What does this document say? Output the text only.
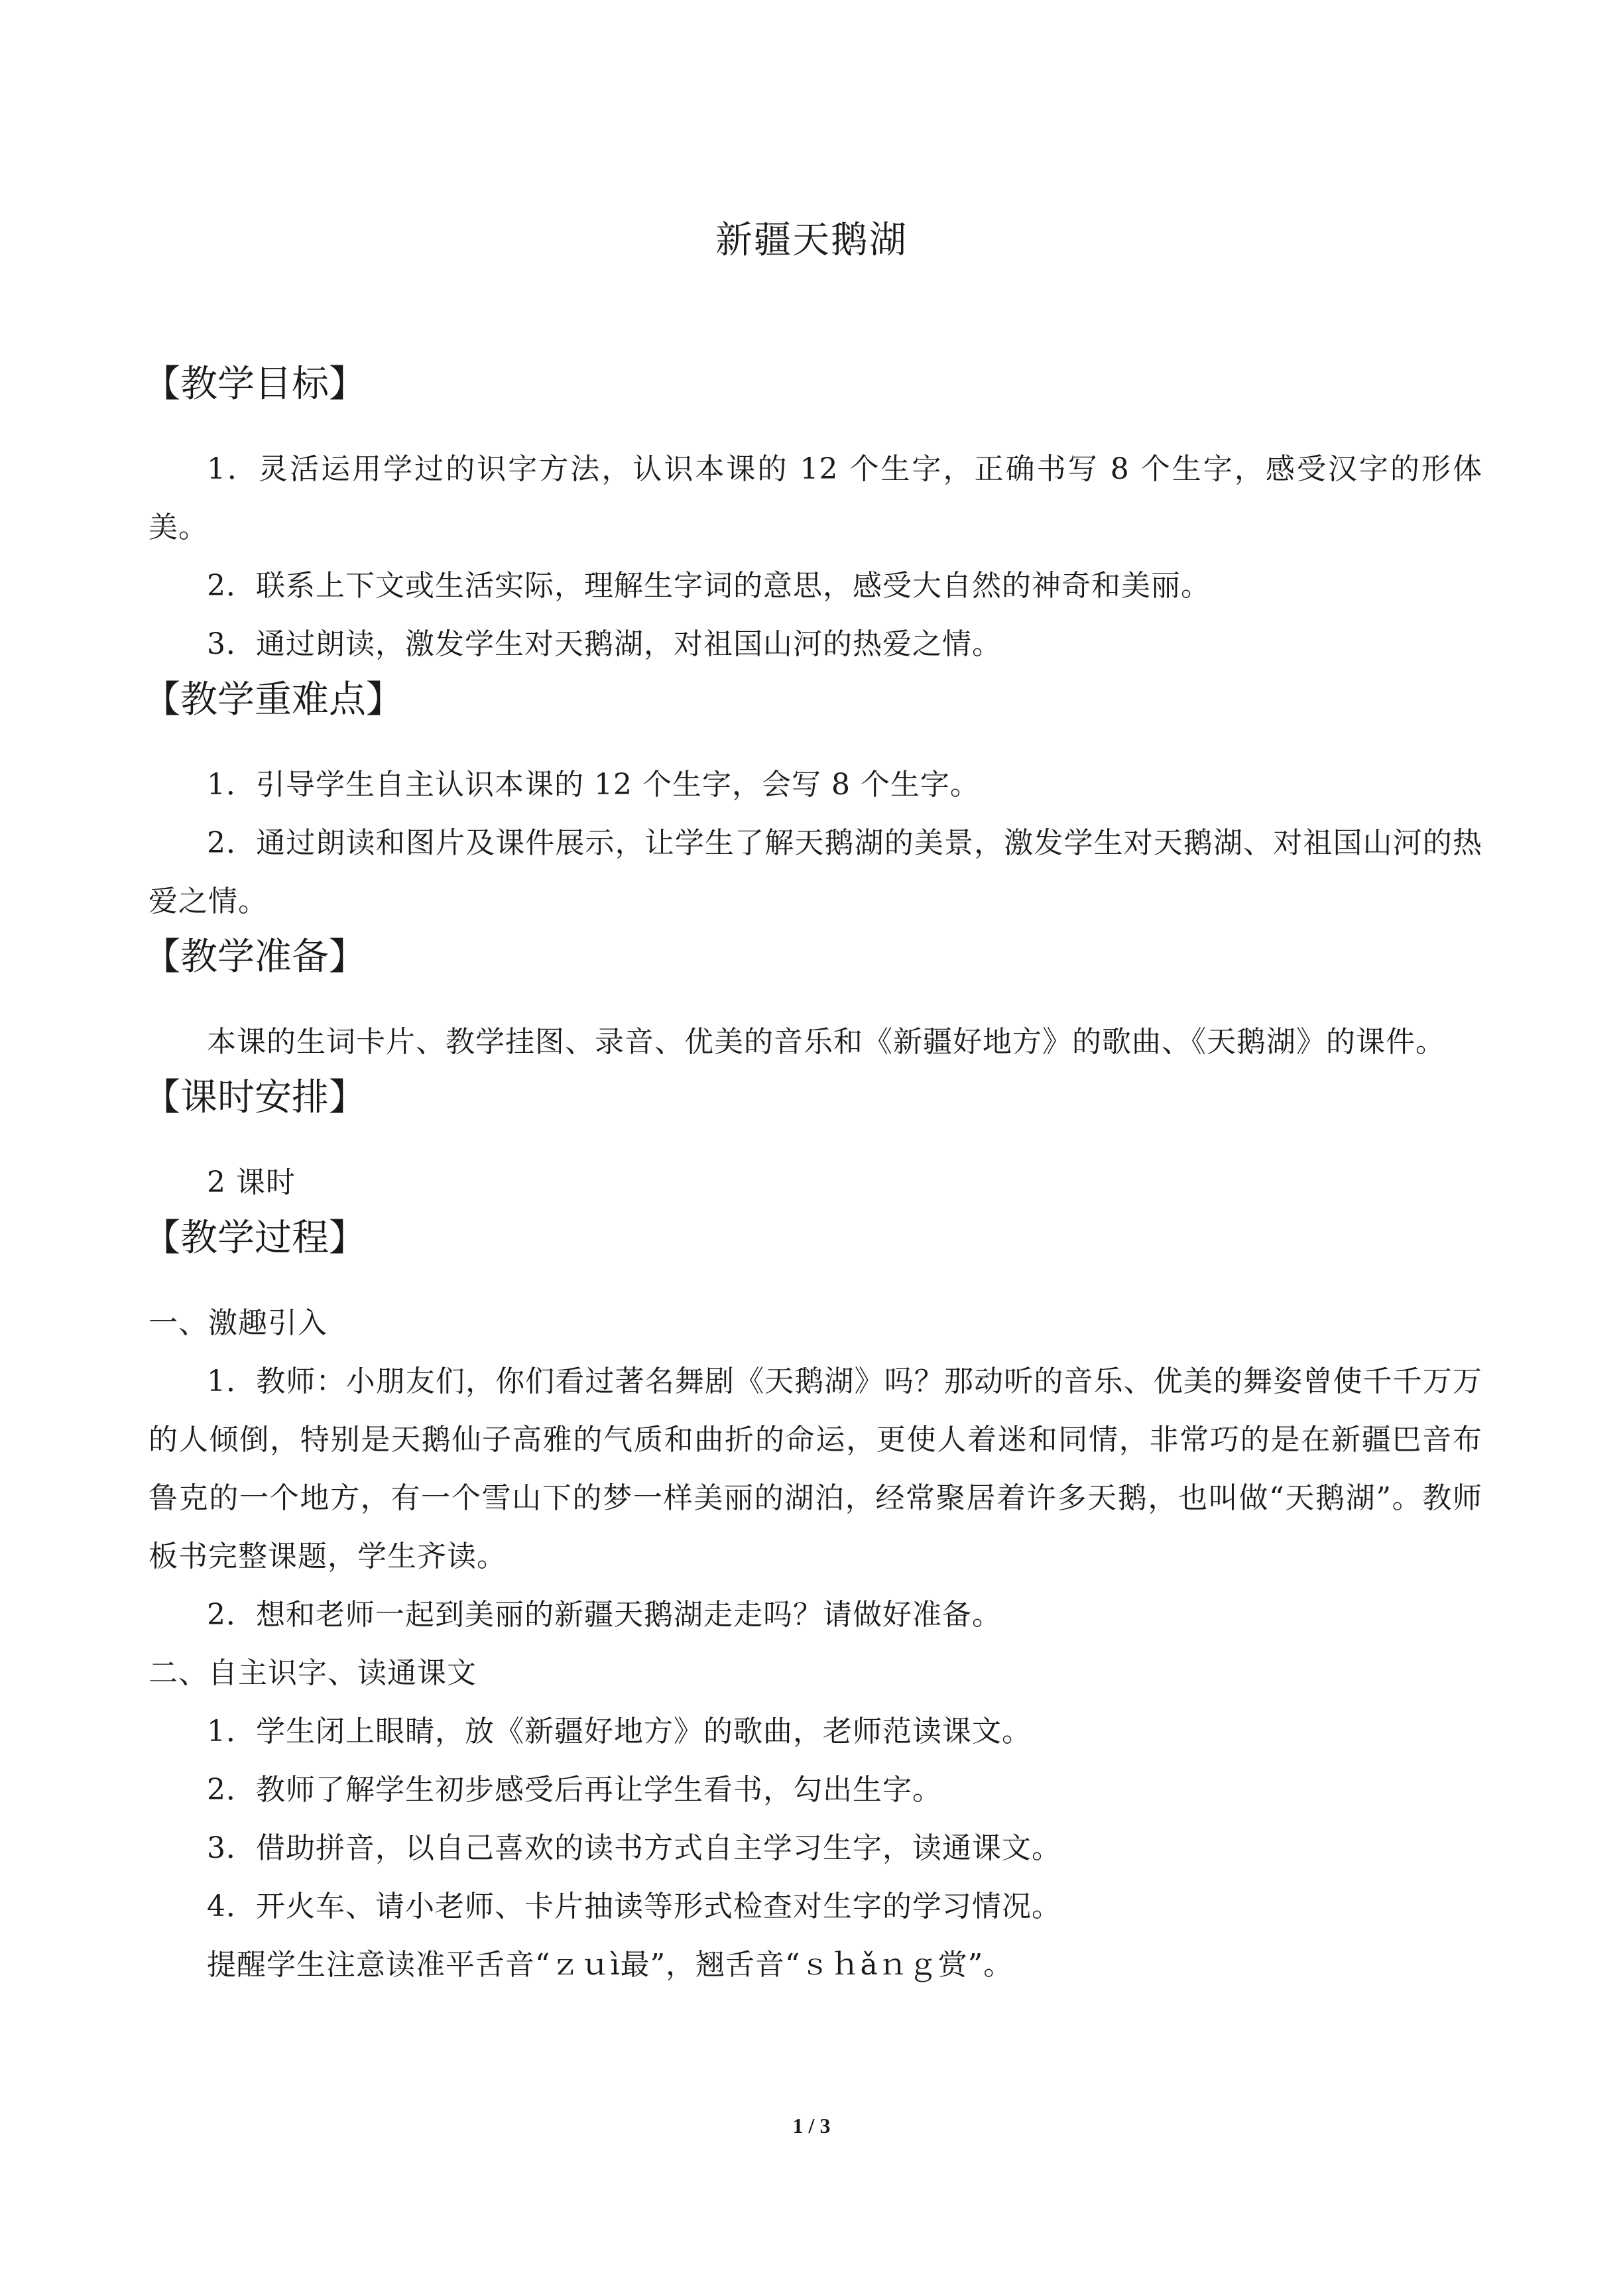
新疆天鹅湖
【教学目标】
1．灵活运用学过的识字方法，认识本课的 12 个生字，正确书写 8 个生字，感受汉字的形体美。
2．联系上下文或生活实际，理解生字词的意思，感受大自然的神奇和美丽。
3．通过朗读，激发学生对天鹅湖，对祖国山河的热爱之情。
【教学重难点】
1．引导学生自主认识本课的 12 个生字，会写 8 个生字。
2．通过朗读和图片及课件展示，让学生了解天鹅湖的美景，激发学生对天鹅湖、对祖国山河的热爱之情。
【教学准备】
本课的生词卡片、教学挂图、录音、优美的音乐和《新疆好地方》的歌曲、《天鹅湖》的课件。
【课时安排】
2 课时
【教学过程】
一、激趣引入
1．教师：小朋友们，你们看过著名舞剧《天鹅湖》吗？那动听的音乐、优美的舞姿曾使千千万万的人倾倒，特别是天鹅仙子高雅的气质和曲折的命运，更使人着迷和同情，非常巧的是在新疆巴音布鲁克的一个地方，有一个雪山下的梦一样美丽的湖泊，经常聚居着许多天鹅，也叫做“天鹅湖”。教师板书完整课题，学生齐读。
2．想和老师一起到美丽的新疆天鹅湖走走吗？请做好准备。
二、自主识字、读通课文
1．学生闭上眼睛，放《新疆好地方》的歌曲，老师范读课文。
2．教师了解学生初步感受后再让学生看书，勾出生字。
3．借助拼音，以自己喜欢的读书方式自主学习生字，读通课文。
4．开火车、请小老师、卡片抽读等形式检查对生字的学习情况。
提醒学生注意读准平舌音“ｚｕì最”，翘舌音“ｓｈǎｎｇ赏”。
1 / 3
